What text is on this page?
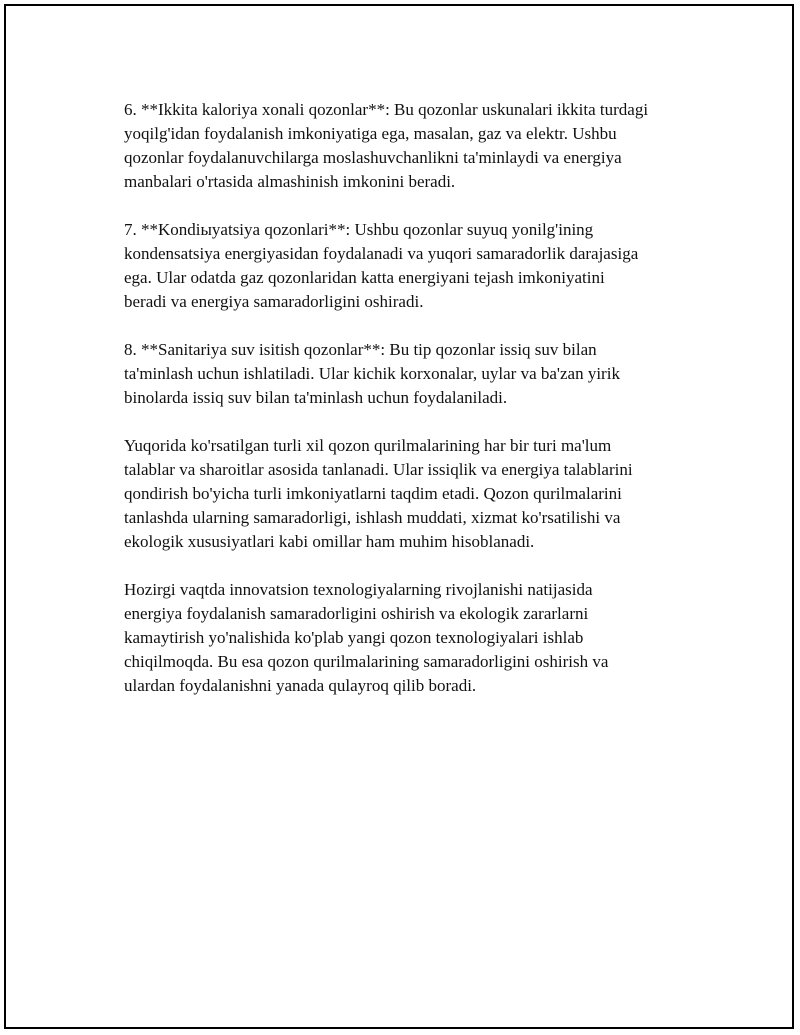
6. **Ikkita kaloriya xonali qozonlar**: Bu qozonlar uskunalari ikkita turdagi
yoqilg'idan foydalanish imkoniyatiga ega, masalan, gaz va elektr. Ushbu
qozonlar foydalanuvchilarga moslashuvchanlikni ta'minlaydi va energiya
manbalari o'rtasida almashinish imkonini beradi.

7. **Kondiыyatsiya qozonlari**: Ushbu qozonlar suyuq yonilg'ining
kondensatsiya energiyasidan foydalanadi va yuqori samaradorlik darajasiga
ega. Ular odatda gaz qozonlaridan katta energiyani tejash imkoniyatini
beradi va energiya samaradorligini oshiradi.

8. **Sanitariya suv isitish qozonlar**: Bu tip qozonlar issiq suv bilan
ta'minlash uchun ishlatiladi. Ular kichik korxonalar, uylar va ba'zan yirik
binolarda issiq suv bilan ta'minlash uchun foydalaniladi.

Yuqorida ko'rsatilgan turli xil qozon qurilmalarining har bir turi ma'lum
talablar va sharoitlar asosida tanlanadi. Ular issiqlik va energiya talablarini
qondirish bo'yicha turli imkoniyatlarni taqdim etadi. Qozon qurilmalarini
tanlashda ularning samaradorligi, ishlash muddati, xizmat ko'rsatilishi va
ekologik xususiyatlari kabi omillar ham muhim hisoblanadi.

Hozirgi vaqtda innovatsion texnologiyalarning rivojlanishi natijasida
energiya foydalanish samaradorligini oshirish va ekologik zararlarni
kamaytirish yo'nalishida ko'plab yangi qozon texnologiyalari ishlab
chiqilmoqda. Bu esa qozon qurilmalarining samaradorligini oshirish va
ulardan foydalanishni yanada qulayroq qilib boradi.
